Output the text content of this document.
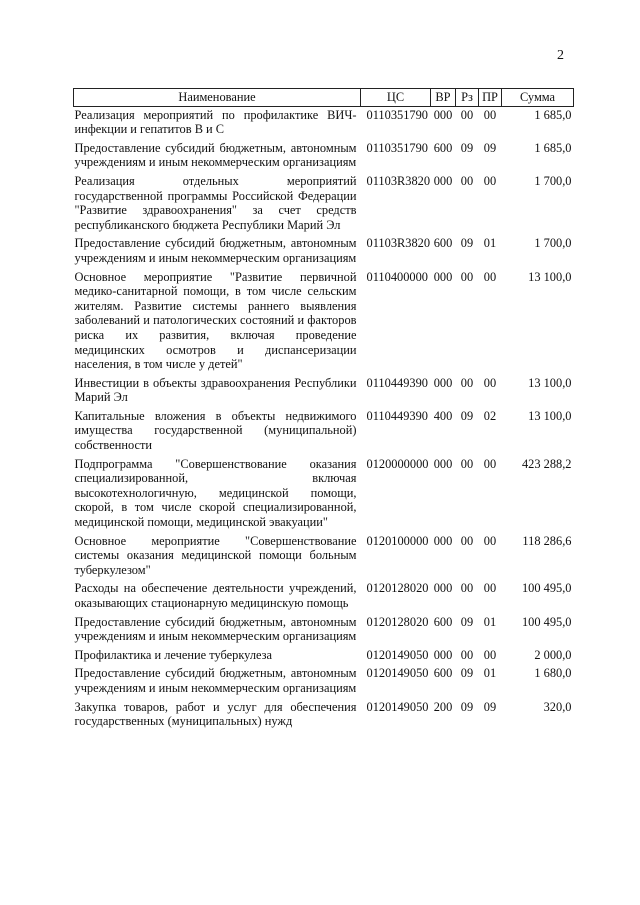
2
Наименование	ЦС	ВР	Рз	ПР	Сумма
Реализация мероприятий по профилактике ВИЧ-инфекции и гепатитов В и С	0110351790	000	00	00	1 685,0
Предоставление субсидий бюджетным, автономным учреждениям и иным некоммерческим организациям	0110351790	600	09	09	1 685,0
Реализация отдельных мероприятий государственной программы Российской Федерации "Развитие здравоохранения" за счет средств республиканского бюджета Республики Марий Эл	01103R3820	000	00	00	1 700,0
Предоставление субсидий бюджетным, автономным учреждениям и иным некоммерческим организациям	01103R3820	600	09	01	1 700,0
Основное мероприятие "Развитие первичной медико-санитарной помощи, в том числе сельским жителям. Развитие системы раннего выявления заболеваний и патологических состояний и факторов риска их развития, включая проведение медицинских осмотров и диспансеризации населения, в том числе у детей"	0110400000	000	00	00	13 100,0
Инвестиции в объекты здравоохранения Республики Марий Эл	0110449390	000	00	00	13 100,0
Капитальные вложения в объекты недвижимого имущества государственной (муниципальной) собственности	0110449390	400	09	02	13 100,0
Подпрограмма "Совершенствование оказания специализированной, включая высокотехнологичную, медицинской помощи, скорой, в том числе скорой специализированной, медицинской помощи, медицинской эвакуации"	0120000000	000	00	00	423 288,2
Основное мероприятие "Совершенствование системы оказания медицинской помощи больным туберкулезом"	0120100000	000	00	00	118 286,6
Расходы на обеспечение деятельности учреждений, оказывающих стационарную медицинскую помощь	0120128020	000	00	00	100 495,0
Предоставление субсидий бюджетным, автономным учреждениям и иным некоммерческим организациям	0120128020	600	09	01	100 495,0
Профилактика и лечение туберкулеза	0120149050	000	00	00	2 000,0
Предоставление субсидий бюджетным, автономным учреждениям и иным некоммерческим организациям	0120149050	600	09	01	1 680,0
Закупка товаров, работ и услуг для обеспечения государственных (муниципальных) нужд	0120149050	200	09	09	320,0
